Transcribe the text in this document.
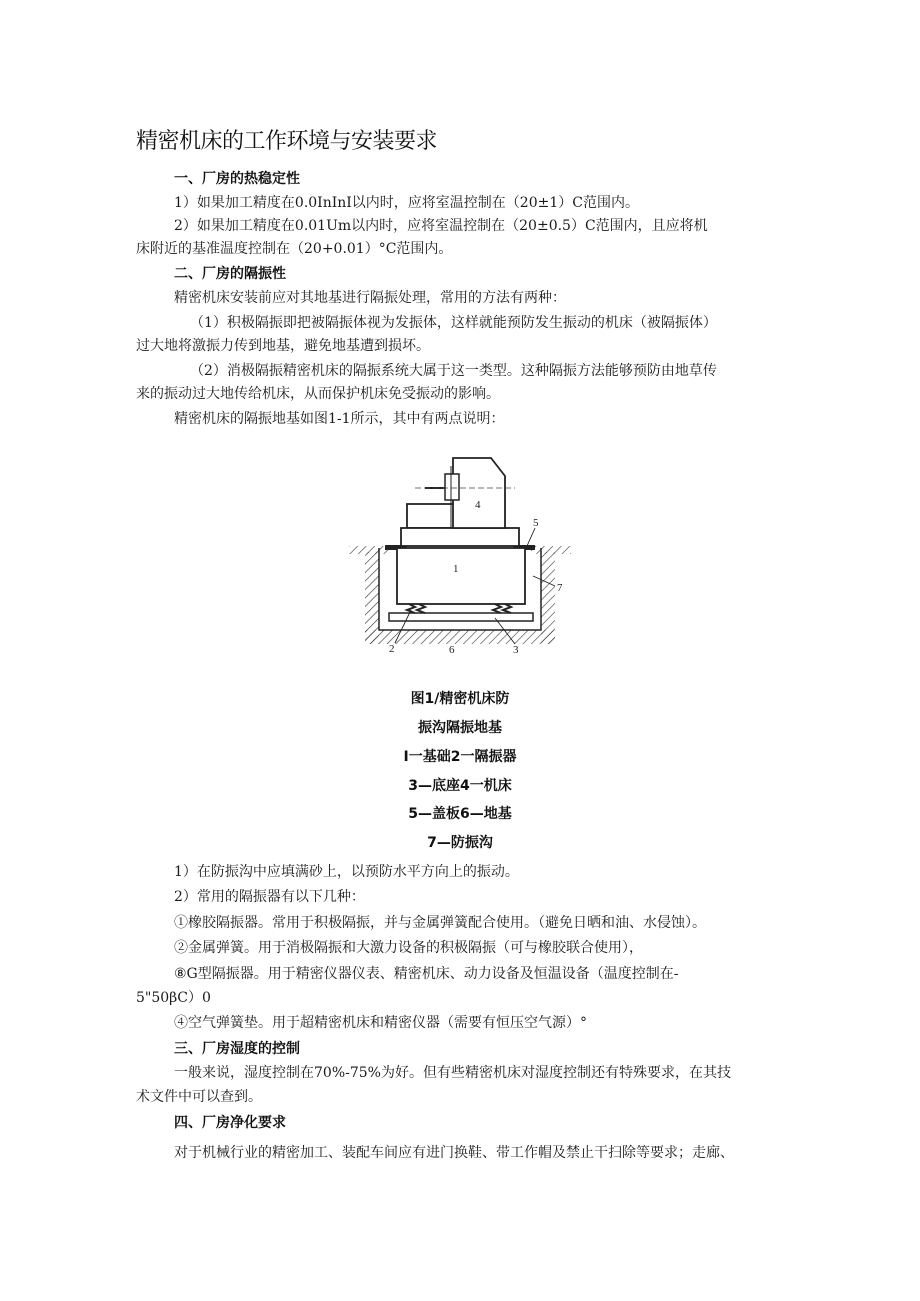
精密机床的工作环境与安装要求
一、厂房的热稳定性
1）如果加工精度在0.0InInI以内时，应将室温控制在（20±1）C范围内。
2）如果加工精度在0.01Um以内时，应将室温控制在（20±0.5）C范围内，且应将机
床附近的基准温度控制在（20+0.01）°C范围内。
二、厂房的隔振性
精密机床安装前应对其地基进行隔振处理，常用的方法有两种：
（1）积极隔振即把被隔振体视为发振体，这样就能预防发生振动的机床（被隔振体）
过大地将激振力传到地基，避免地基遭到损坏。
（2）消极隔振精密机床的隔振系统大属于这一类型。这种隔振方法能够预防由地草传
来的振动过大地传给机床，从而保护机床免受振动的影响。
精密机床的隔振地基如图1-1所示，其中有两点说明：
1
2	3
4
5
6
7
图1/精密机床防
振沟隔振地基
I一基础2一隔振器
3—底座4一机床
5—盖板6—地基
7—防振沟
1）在防振沟中应填满砂上，以预防水平方向上的振动。
2）常用的隔振器有以下几种：
①橡胶隔振器。常用于积极隔振，并与金属弹簧配合使用。（避免日晒和油、水侵蚀）。
②金属弹簧。用于消极隔振和大激力设备的积极隔振（可与橡胶联合使用），
⑧G型隔振器。用于精密仪器仪表、精密机床、动力设备及恒温设备（温度控制在-
5"50βC）0
④空气弹簧垫。用于超精密机床和精密仪器（需要有恒压空气源）°
三、厂房湿度的控制
一般来说，湿度控制在70%-75%为好。但有些精密机床对湿度控制还有特殊要求，在其技
术文件中可以查到。
四、厂房净化要求
对于机械行业的精密加工、装配车间应有进门换鞋、带工作帽及禁止干扫除等要求；走廊、
